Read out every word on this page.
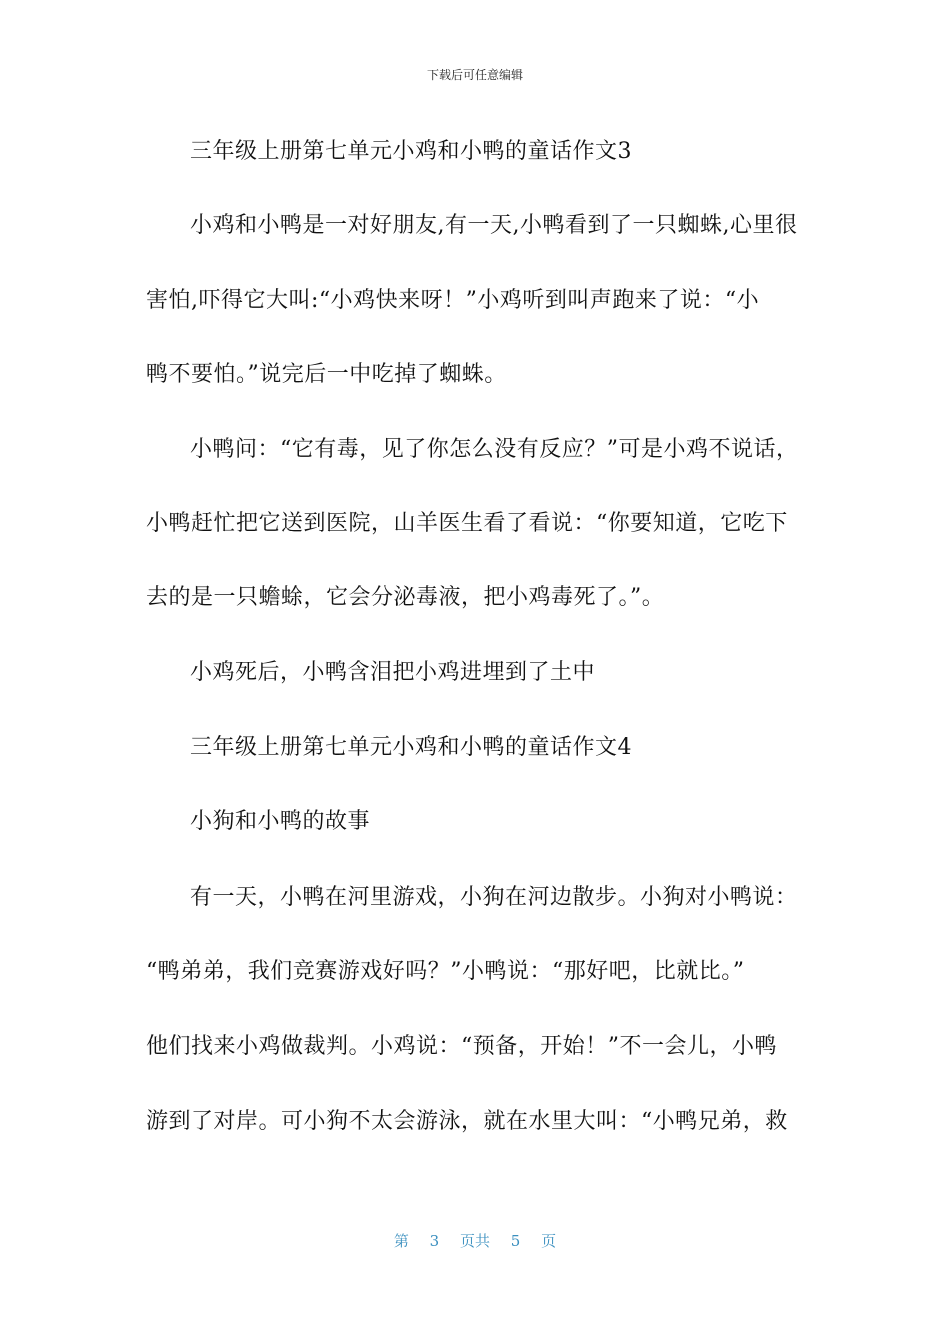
下载后可任意编辑
三年级上册第七单元小鸡和小鸭的童话作文3
小鸡和小鸭是一对好朋友,有一天,小鸭看到了一只蜘蛛,心里很
害怕,吓得它大叫:“小鸡快来呀！”小鸡听到叫声跑来了说：“小
鸭不要怕。”说完后一中吃掉了蜘蛛。
小鸭问：“它有毒，见了你怎么没有反应？”可是小鸡不说话，
小鸭赶忙把它送到医院，山羊医生看了看说：“你要知道，它吃下
去的是一只蟾蜍，它会分泌毒液，把小鸡毒死了。”。
小鸡死后，小鸭含泪把小鸡进埋到了土中
三年级上册第七单元小鸡和小鸭的童话作文4
小狗和小鸭的故事
有一天，小鸭在河里游戏，小狗在河边散步。小狗对小鸭说：
“鸭弟弟，我们竞赛游戏好吗？”小鸭说：“那好吧，比就比。”
他们找来小鸡做裁判。小鸡说：“预备，开始！”不一会儿，小鸭
游到了对岸。可小狗不太会游泳，就在水里大叫：“小鸭兄弟，救
第 3 页共 5 页
